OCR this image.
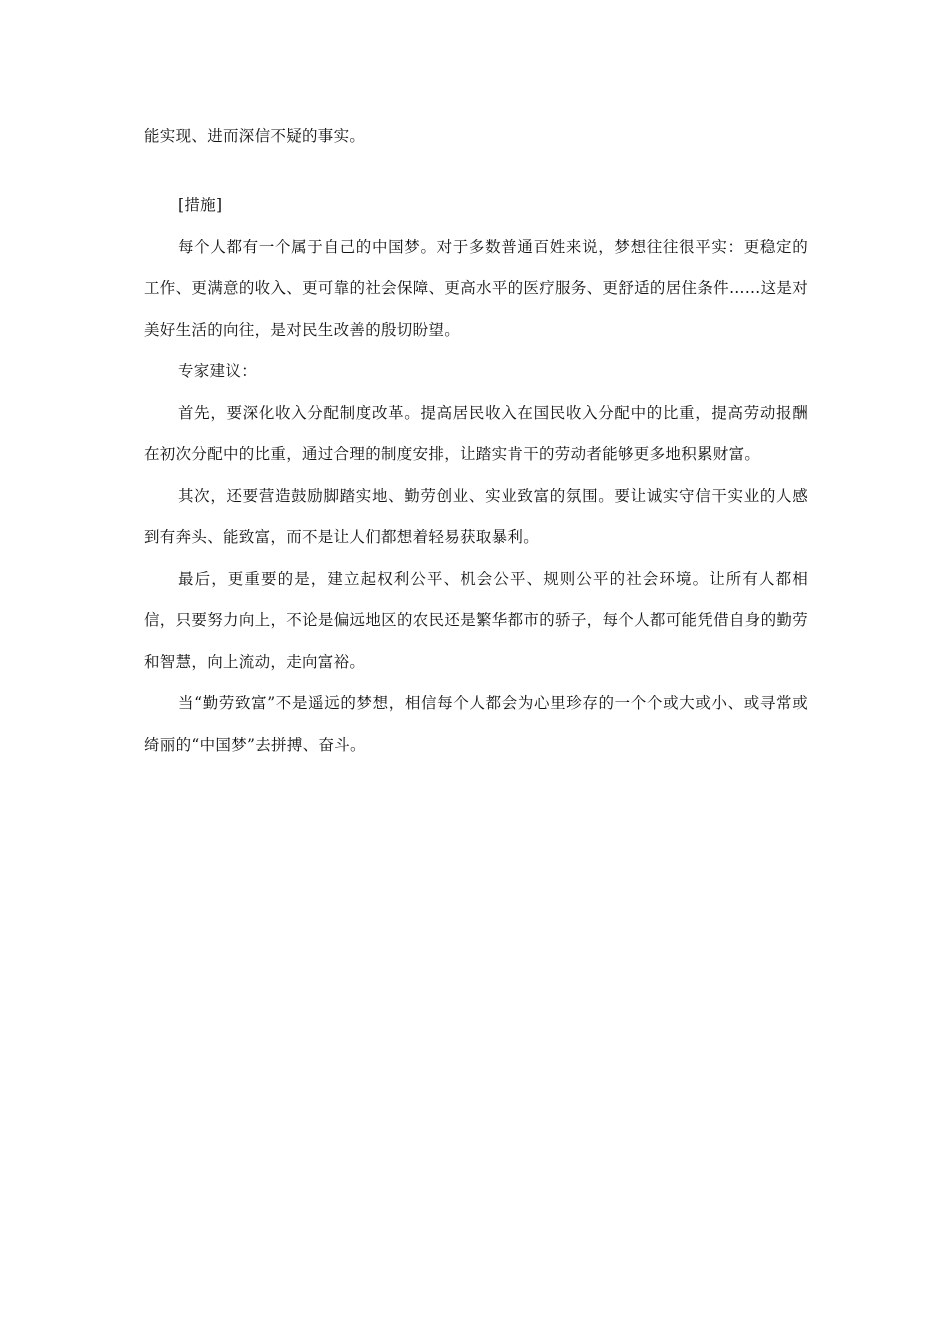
能实现、进而深信不疑的事实。

[措施]

每个人都有一个属于自己的中国梦。对于多数普通百姓来说，梦想往往很平实：更稳定的工作、更满意的收入、更可靠的社会保障、更高水平的医疗服务、更舒适的居住条件……这是对美好生活的向往，是对民生改善的殷切盼望。

专家建议：

首先，要深化收入分配制度改革。提高居民收入在国民收入分配中的比重，提高劳动报酬在初次分配中的比重，通过合理的制度安排，让踏实肯干的劳动者能够更多地积累财富。

其次，还要营造鼓励脚踏实地、勤劳创业、实业致富的氛围。要让诚实守信干实业的人感到有奔头、能致富，而不是让人们都想着轻易获取暴利。

最后，更重要的是，建立起权利公平、机会公平、规则公平的社会环境。让所有人都相信，只要努力向上，不论是偏远地区的农民还是繁华都市的骄子，每个人都可能凭借自身的勤劳和智慧，向上流动，走向富裕。

当“勤劳致富”不是遥远的梦想，相信每个人都会为心里珍存的一个个或大或小、或寻常或绮丽的“中国梦”去拼搏、奋斗。
